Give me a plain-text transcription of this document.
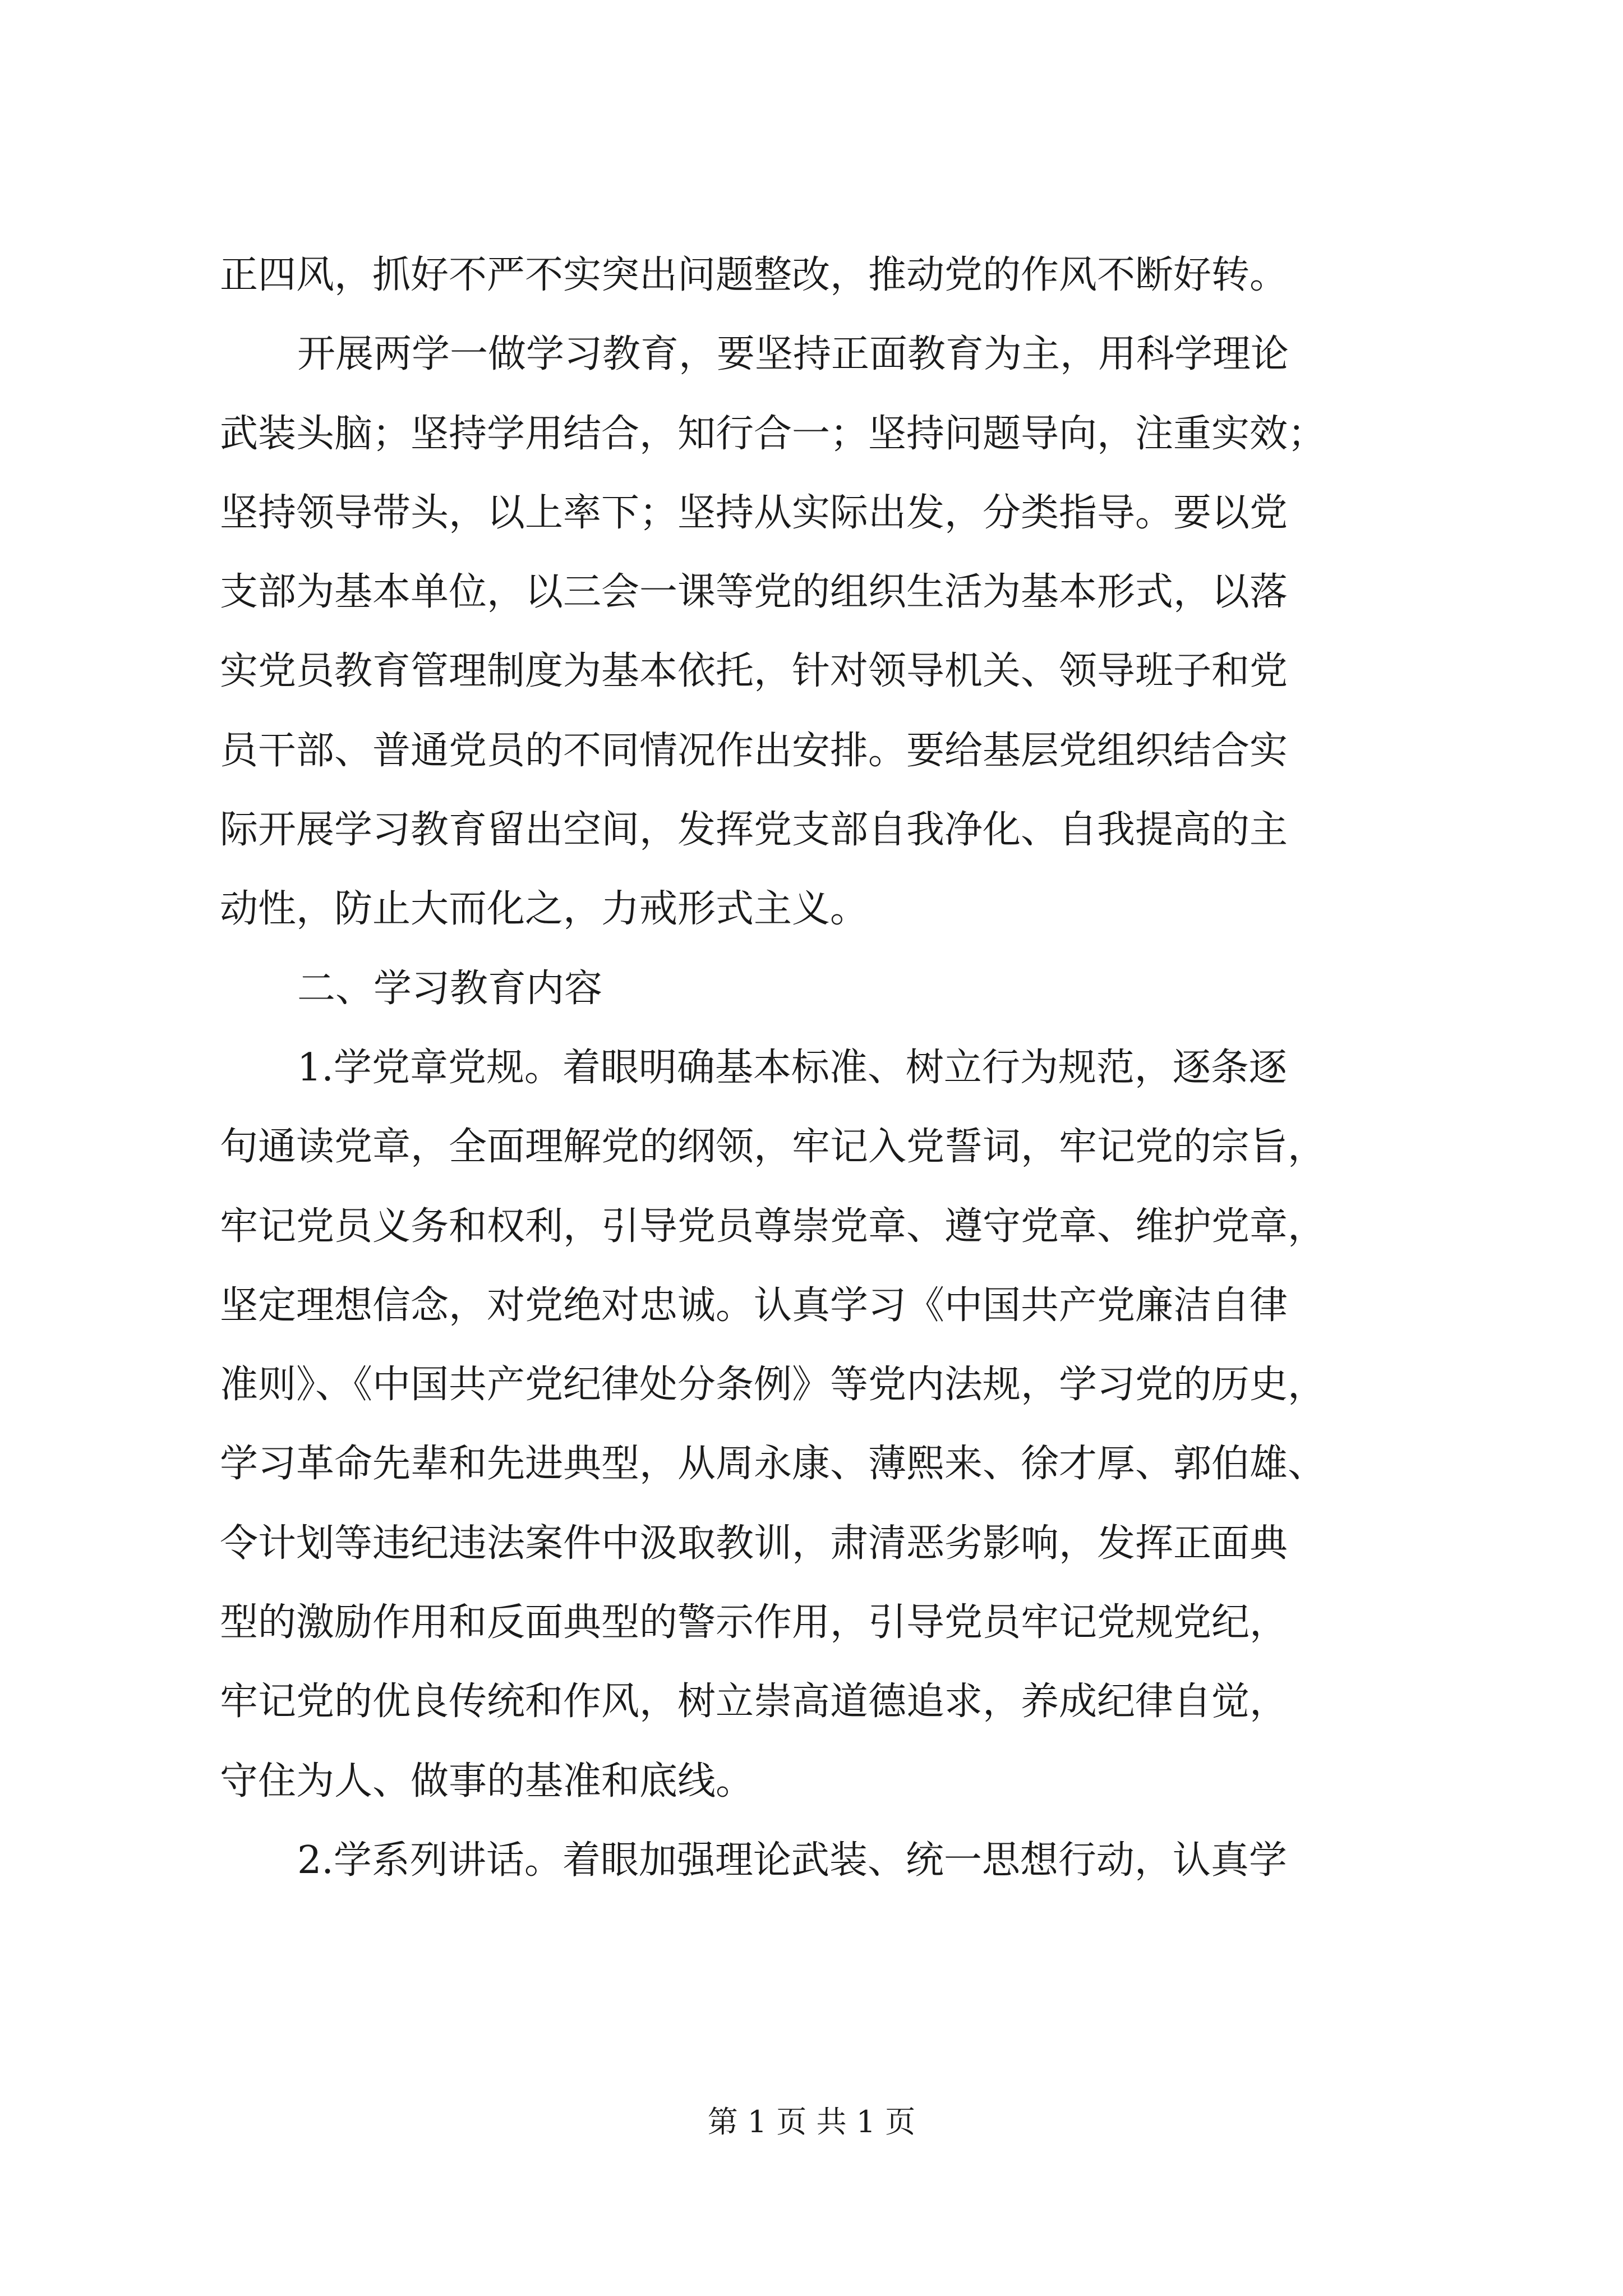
正四风，抓好不严不实突出问题整改，推动党的作风不断好转。
开展两学一做学习教育，要坚持正面教育为主，用科学理论
武装头脑；坚持学用结合，知行合一；坚持问题导向，注重实效；
坚持领导带头，以上率下；坚持从实际出发，分类指导。要以党
支部为基本单位，以三会一课等党的组织生活为基本形式，以落
实党员教育管理制度为基本依托，针对领导机关、领导班子和党
员干部、普通党员的不同情况作出安排。要给基层党组织结合实
际开展学习教育留出空间，发挥党支部自我净化、自我提高的主
动性，防止大而化之，力戒形式主义。
二、学习教育内容
1.学党章党规。着眼明确基本标准、树立行为规范，逐条逐
句通读党章，全面理解党的纲领，牢记入党誓词，牢记党的宗旨，
牢记党员义务和权利，引导党员尊崇党章、遵守党章、维护党章，
坚定理想信念，对党绝对忠诚。认真学习《中国共产党廉洁自律
准则》、《中国共产党纪律处分条例》等党内法规，学习党的历史，
学习革命先辈和先进典型，从周永康、薄熙来、徐才厚、郭伯雄、
令计划等违纪违法案件中汲取教训，肃清恶劣影响，发挥正面典
型的激励作用和反面典型的警示作用，引导党员牢记党规党纪，
牢记党的优良传统和作风，树立崇高道德追求，养成纪律自觉，
守住为人、做事的基准和底线。
2.学系列讲话。着眼加强理论武装、统一思想行动，认真学
第 1 页 共 1 页
